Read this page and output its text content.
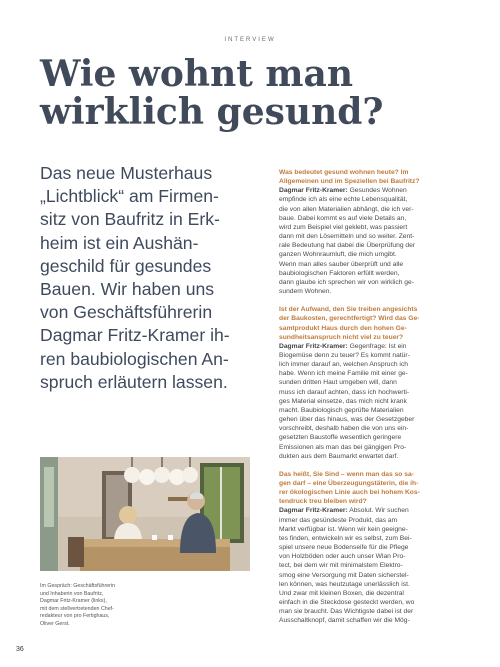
INTERVIEW
Wie wohnt man
wirklich gesund?
Das neue Musterhaus
„Lichtblick“ am Firmen-
sitz von Baufritz in Erk-
heim ist ein Aushän-
geschild für gesundes
Bauen. Wir haben uns
von Geschäftsführerin
Dagmar Fritz-Kramer ih-
ren baubiologischen An-
spruch erläutern lassen.
Was bedeutet gesund wohnen heute? Im
Allgemeinen und im Speziellen bei Baufritz?
Dagmar Fritz-Kramer: Gesundes Wohnen
empfinde ich als eine echte Lebensqualität,
die von allen Materialien abhängt, die ich ver-
baue. Dabei kommt es auf viele Details an,
wird zum Beispiel viel geklebt, was passiert
dann mit den Lösemitteln und so weiter. Zent-
rale Bedeutung hat dabei die Überprüfung der
ganzen Wohnraumluft, die mich umgibt.
Wenn man alles sauber überprüft und alle
baubiologischen Faktoren erfüllt werden,
dann glaube ich sprechen wir von wirklich ge-
sundem Wohnen.
Ist der Aufwand, den Sie treiben angesichts
der Baukosten, gerechtfertigt? Wird das Ge-
samtprodukt Haus durch den hohen Ge-
sundheitsanspruch nicht viel zu teuer?
Dagmar Fritz-Kramer: Gegenfrage: Ist ein
Biogemüse denn zu teuer? Es kommt natür-
lich immer darauf an, welchen Anspruch ich
habe. Wenn ich meine Familie mit einer ge-
sunden dritten Haut umgeben will, dann
muss ich darauf achten, dass ich hochwerti-
ges Material einsetze, das mich nicht krank
macht. Baubiologisch geprüfte Materialien
gehen über das hinaus, was der Gesetzgeber
vorschreibt, deshalb haben die von uns ein-
gesetzten Baustoffe wesentlich geringere
Emissionen als man das bei gängigen Pro-
dukten aus dem Baumarkt erwartet darf.
Das heißt, Sie Sind – wenn man das so sa-
gen darf – eine Überzeugungstäterin, die ih-
rer ökologischen Linie auch bei hohem Kos-
tendruck treu bleiben wird?
Dagmar Fritz-Kramer: Absolut. Wir suchen
immer das gesündeste Produkt, das am
Markt verfügbar ist. Wenn wir kein geeigne-
tes finden, entwickeln wir es selbst, zum Bei-
spiel unsere neue Bodenseife für die Pflege
von Holzböden oder auch unser Wlan Pro-
tect, bei dem wir mit minimalstem Elektro-
smog eine Versorgung mit Daten sicherstel-
len können, was heutzutage unerlässlich ist.
Und zwar mit kleinen Boxen, die dezentral
einfach in die Steckdose gesteckt werden, wo
man sie braucht. Das Wichtigste dabei ist der
Ausschaltknopf, damit schaffen wir die Mög-
Im Gespräch: Geschäftsführerin
und Inhaberin von Baufritz,
Dagmar Fritz-Kramer (links),
mit dem stellvertretenden Chef-
redakteur von pro Fertighaus,
Oliver Gerst.
36
